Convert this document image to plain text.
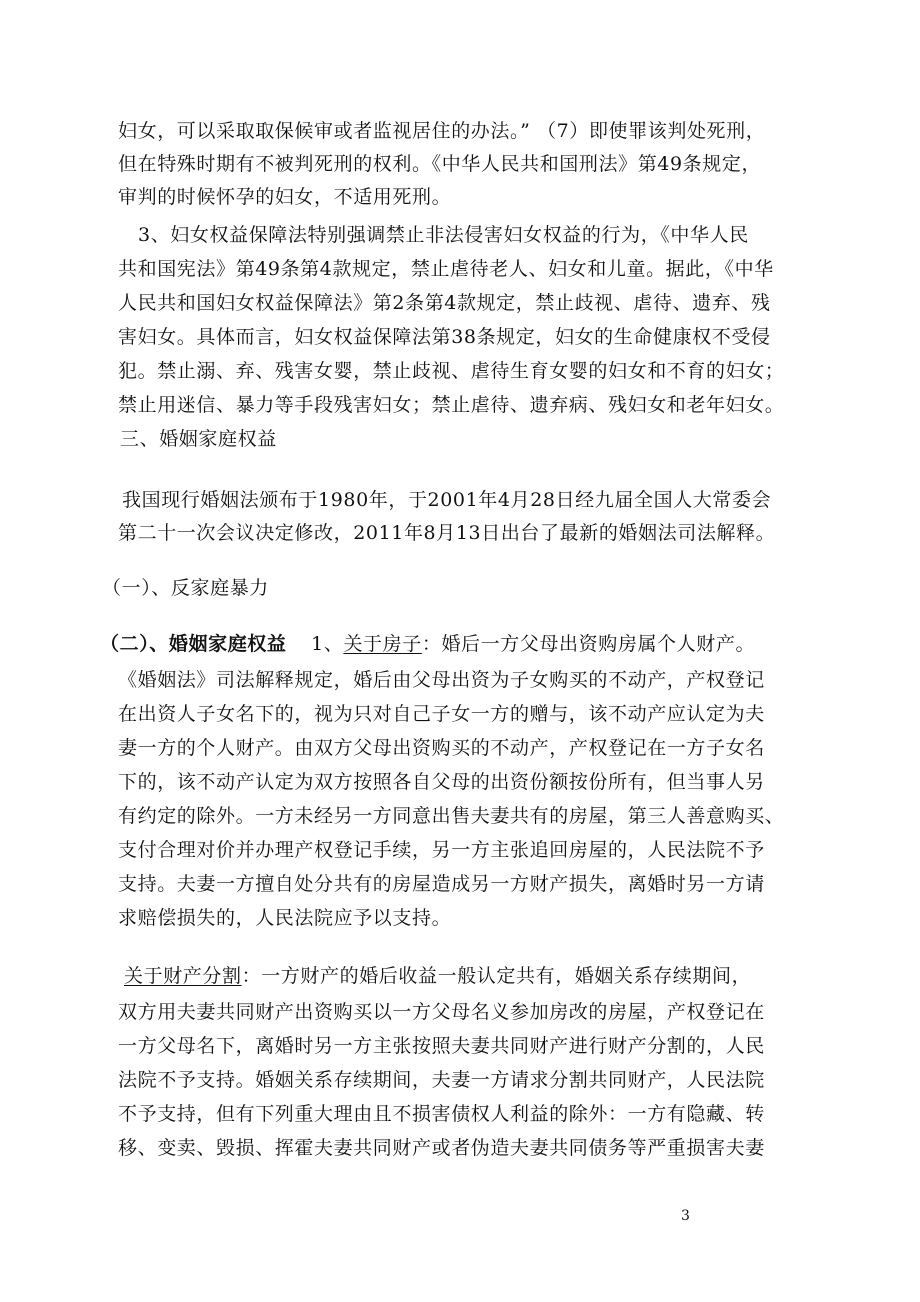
妇女，可以采取取保候审或者监视居住的办法。” （7）即使罪该判处死刑，
但在特殊时期有不被判死刑的权利。《中华人民共和国刑法》第49条规定，
审判的时候怀孕的妇女，不适用死刑。
3、妇女权益保障法特别强调禁止非法侵害妇女权益的行为，《中华人民
共和国宪法》第49条第4款规定，禁止虐待老人、妇女和儿童。据此，《中华
人民共和国妇女权益保障法》第2条第4款规定，禁止歧视、虐待、遗弃、残
害妇女。具体而言，妇女权益保障法第38条规定，妇女的生命健康权不受侵
犯。禁止溺、弃、残害女婴，禁止歧视、虐待生育女婴的妇女和不育的妇女；
禁止用迷信、暴力等手段残害妇女；禁止虐待、遗弃病、残妇女和老年妇女。
三、婚姻家庭权益
我国现行婚姻法颁布于1980年，于2001年4月28日经九届全国人大常委会
第二十一次会议决定修改，2011年8月13日出台了最新的婚姻法司法解释。
（一）、反家庭暴力
（二）、婚姻家庭权益 1、关于房子：婚后一方父母出资购房属个人财产。
《婚姻法》司法解释规定，婚后由父母出资为子女购买的不动产，产权登记
在出资人子女名下的，视为只对自己子女一方的赠与，该不动产应认定为夫
妻一方的个人财产。由双方父母出资购买的不动产，产权登记在一方子女名
下的，该不动产认定为双方按照各自父母的出资份额按份所有，但当事人另
有约定的除外。一方未经另一方同意出售夫妻共有的房屋，第三人善意购买、
支付合理对价并办理产权登记手续，另一方主张追回房屋的，人民法院不予
支持。夫妻一方擅自处分共有的房屋造成另一方财产损失，离婚时另一方请
求赔偿损失的，人民法院应予以支持。
关于财产分割：一方财产的婚后收益一般认定共有，婚姻关系存续期间，
双方用夫妻共同财产出资购买以一方父母名义参加房改的房屋，产权登记在
一方父母名下，离婚时另一方主张按照夫妻共同财产进行财产分割的，人民
法院不予支持。婚姻关系存续期间，夫妻一方请求分割共同财产，人民法院
不予支持，但有下列重大理由且不损害债权人利益的除外：一方有隐藏、转
移、变卖、毁损、挥霍夫妻共同财产或者伪造夫妻共同债务等严重损害夫妻
3
